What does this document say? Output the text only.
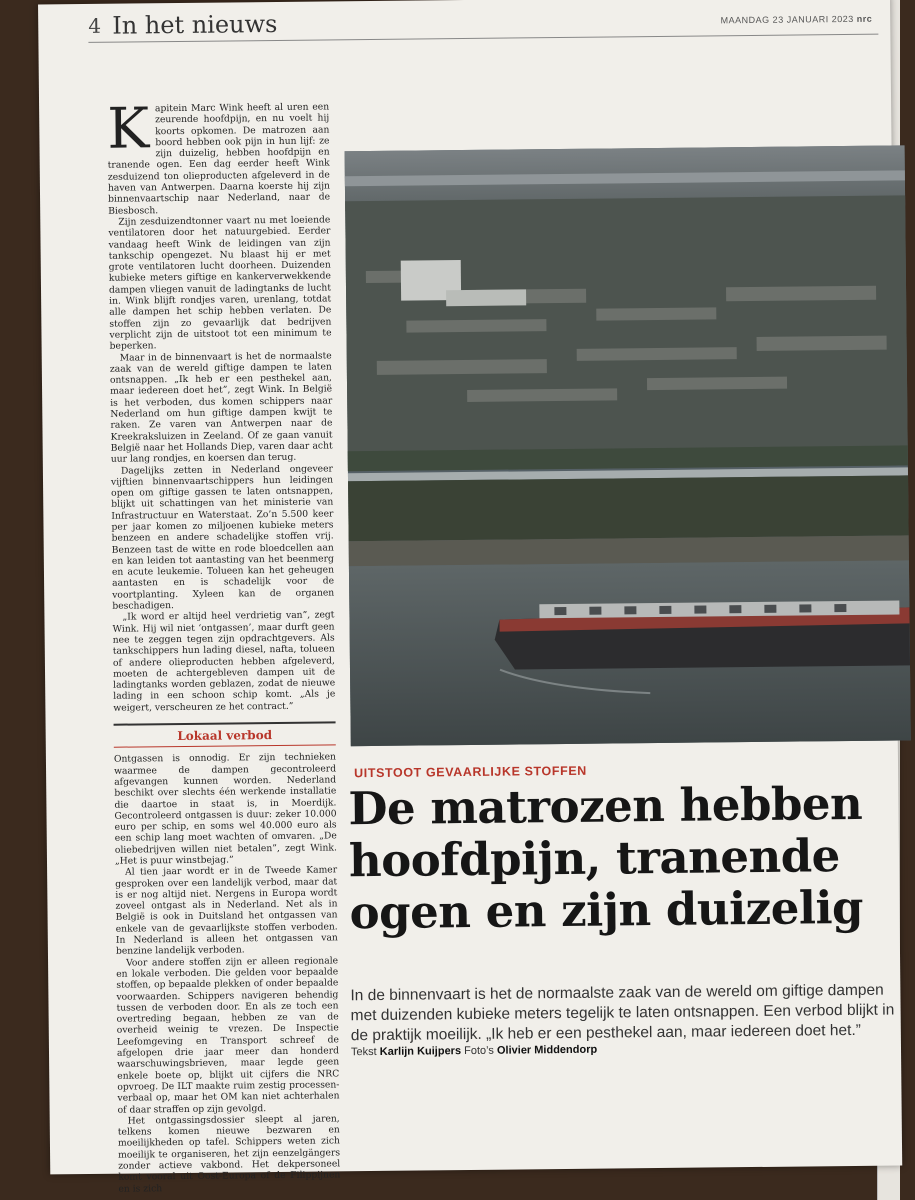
4 In het nieuws	MAANDAG 23 JANUARI 2023 nrc
K apitein Marc Wink heeft al uren een zeurende hoofdpijn, en nu voelt hij koorts opkomen. De matrozen aan boord hebben ook pijn in hun lijf: ze zijn duizelig, hebben hoofdpijn en tranende ogen. Een dag eerder heeft Wink zesduizend ton olieproducten afgeleverd in de haven van Antwerpen. Daarna koerste hij zijn binnenvaartschip naar Nederland, naar de Biesbosch.

Zijn zesduizendtonner vaart nu met loeiende ventilatoren door het natuurgebied. Eerder vandaag heeft Wink de leidingen van zijn tankschip opengezet. Nu blaast hij er met grote ventilatoren lucht doorheen. Duizenden kubieke meters giftige en kankerverwekkende dampen vliegen vanuit de ladingtanks de lucht in. Wink blijft rondjes varen, urenlang, totdat alle dampen het schip hebben verlaten. De stoffen zijn zo gevaarlijk dat bedrijven verplicht zijn de uitstoot tot een minimum te beperken.

Maar in de binnenvaart is het de normaalste zaak van de wereld giftige dampen te laten ontsnappen. „Ik heb er een pesthekel aan, maar iedereen doet het”, zegt Wink. In België is het verboden, dus komen schippers naar Nederland om hun giftige dampen kwijt te raken. Ze varen van Antwerpen naar de Kreekraksluizen in Zeeland. Of ze gaan vanuit België naar het Hollands Diep, varen daar acht uur lang rondjes, en koersen dan terug.

Dagelijks zetten in Nederland ongeveer vijftien binnenvaartschippers hun leidingen open om giftige gassen te laten ontsnappen, blijkt uit schattingen van het ministerie van Infrastructuur en Waterstaat. Zo’n 5.500 keer per jaar komen zo miljoenen kubieke meters benzeen en andere schadelijke stoffen vrij. Benzeen tast de witte en rode bloedcellen aan en kan leiden tot aantasting van het beenmerg en acute leukemie. Tolueen kan het geheugen aantasten en is schadelijk voor de voortplanting. Xyleen kan de organen beschadigen.

„Ik word er altijd heel verdrietig van”, zegt Wink. Hij wil niet ‘ontgassen’, maar durft geen nee te zeggen tegen zijn opdrachtgevers. Als tankschippers hun lading diesel, nafta, tolueen of andere olieproducten hebben afgeleverd, moeten de achtergebleven dampen uit de ladingtanks worden geblazen, zodat de nieuwe lading in een schoon schip komt. „Als je weigert, verscheuren ze het contract.”

Lokaal verbod

Ontgassen is onnodig. Er zijn technieken waarmee de dampen gecontroleerd afgevangen kunnen worden. Nederland beschikt over slechts één werkende installatie die daartoe in staat is, in Moerdijk. Gecontroleerd ontgassen is duur: zeker 10.000 euro per schip, en soms wel 40.000 euro als een schip lang moet wachten of omvaren. „De oliebedrijven willen niet betalen”, zegt Wink. „Het is puur winstbejag.”

Al tien jaar wordt er in de Tweede Kamer gesproken over een landelijk verbod, maar dat is er nog altijd niet. Nergens in Europa wordt zoveel ontgast als in Nederland. Net als in België is ook in Duitsland het ontgassen van enkele van de gevaarlijkste stoffen verboden. In Nederland is alleen het ontgassen van benzine landelijk verboden.

Voor andere stoffen zijn er alleen regionale en lokale verboden. Die gelden voor bepaalde stoffen, op bepaalde plekken of onder bepaalde voorwaarden. Schippers navigeren behendig tussen de verboden door. En als ze toch een overtreding begaan, hebben ze van de overheid weinig te vrezen. De Inspectie Leefomgeving en Transport schreef de afgelopen drie jaar meer dan honderd waarschuwingsbrieven, maar legde geen enkele boete op, blijkt uit cijfers die NRC opvroeg. De ILT maakte ruim zestig processen-verbaal op, maar het OM kan niet achterhalen of daar straffen op zijn gevolgd.

Het ontgassingsdossier sleept al jaren, telkens komen nieuwe bezwaren en moeilijkheden op tafel. Schippers weten zich moeilijk te organiseren, het zijn eenzelgängers zonder actieve vakbond. Het dekpersoneel komt vooral uit Oost-Europa of de Filippijnen en is zich

UITSTOOT GEVAARLIJKE STOFFEN
De matrozen hebben hoofdpijn, tranende ogen en zijn duizelig
In de binnenvaart is het de normaalste zaak van de wereld om giftige dampen met duizenden kubieke meters tegelijk te laten ontsnappen. Een verbod blijkt in de praktijk moeilijk. „Ik heb er een pesthekel aan, maar iedereen doet het.”
Tekst Karlijn Kuijpers Foto’s Olivier Middendorp
